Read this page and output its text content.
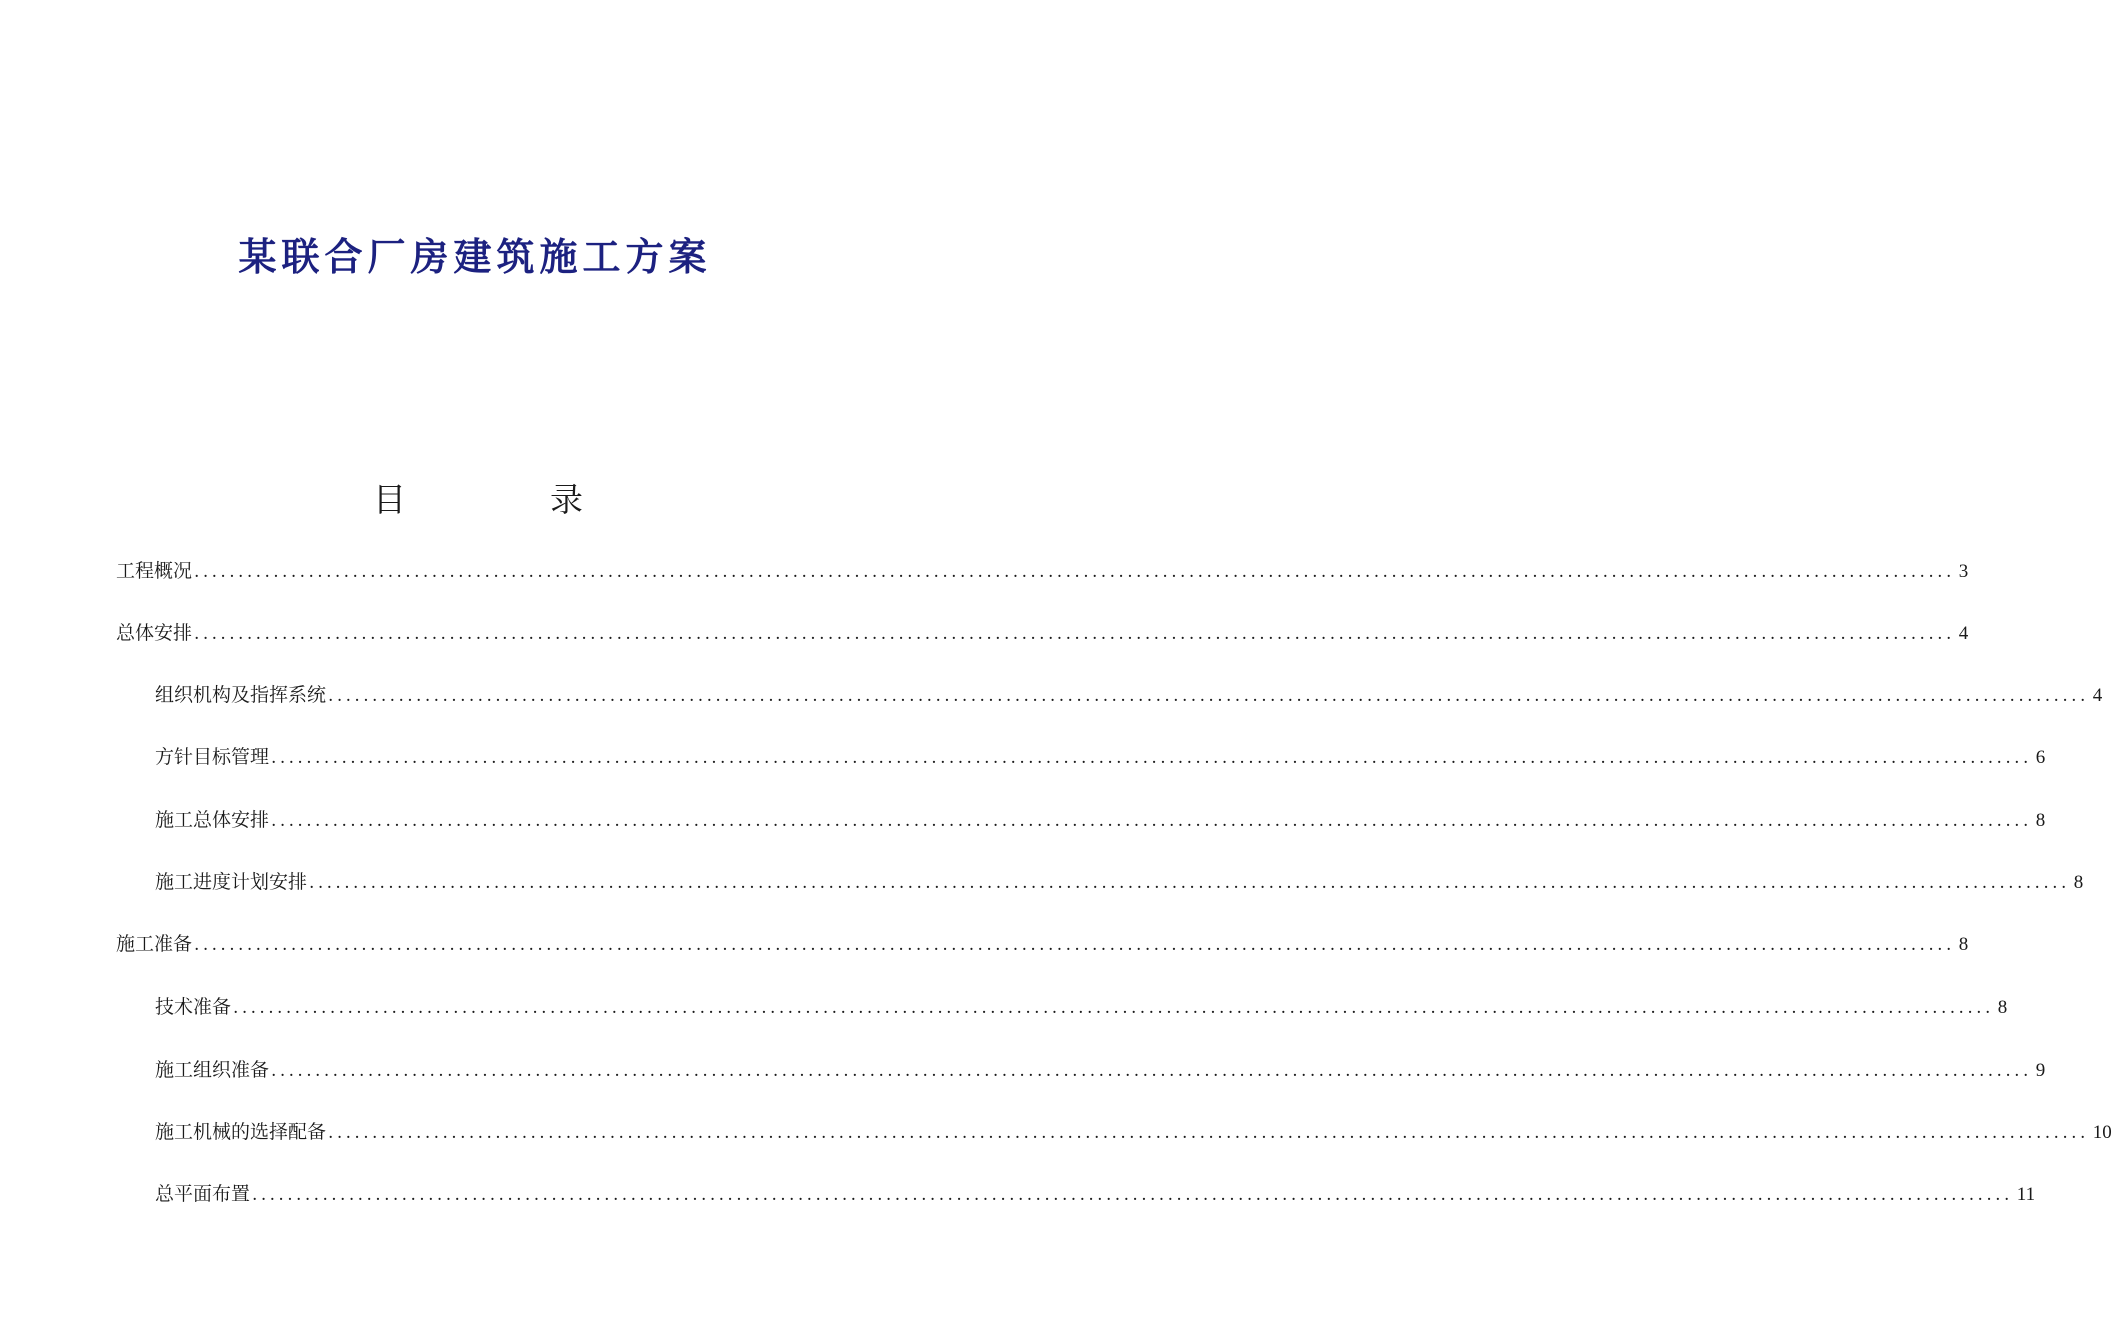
某联合厂房建筑施工方案
目	录
工程概况 ........................................................................................................................................................................................................ 3
总体安排 ........................................................................................................................................................................................................ 4
组织机构及指挥系统 ........................................................................................................................................................................................................ 4
方针目标管理 ........................................................................................................................................................................................................ 6
施工总体安排 ........................................................................................................................................................................................................ 8
施工进度计划安排 ........................................................................................................................................................................................................ 8
施工准备 ........................................................................................................................................................................................................ 8
技术准备 ........................................................................................................................................................................................................ 8
施工组织准备 ........................................................................................................................................................................................................ 9
施工机械的选择配备 ........................................................................................................................................................................................................ 10
总平面布置 ........................................................................................................................................................................................................ 11
